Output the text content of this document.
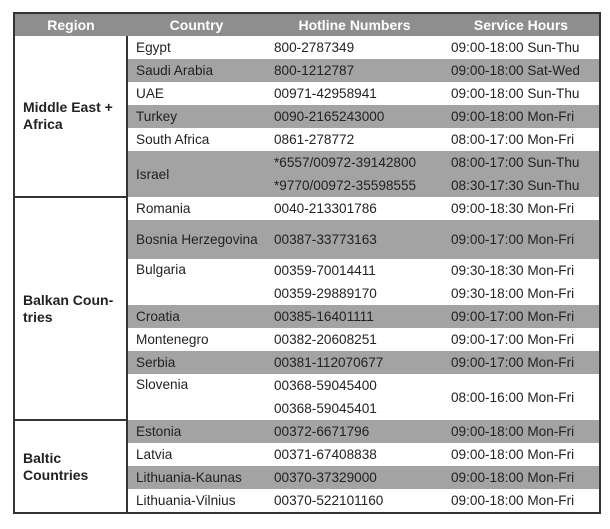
Region	Country	Hotline Numbers	Service Hours
Middle East + Africa	Egypt	800-2787349	09:00-18:00 Sun-Thu
	Saudi Arabia	800-1212787	09:00-18:00 Sat-Wed
	UAE	00971-42958941	09:00-18:00 Sun-Thu
	Turkey	0090-2165243000	09:00-18:00 Mon-Fri
	South Africa	0861-278772	08:00-17:00 Mon-Fri
	Israel	*6557/00972-39142800	08:00-17:00 Sun-Thu
		*9770/00972-35598555	08:30-17:30 Sun-Thu
Balkan Coun-tries	Romania	0040-213301786	09:00-18:30 Mon-Fri
	Bosnia Herzegovina	00387-33773163	09:00-17:00 Mon-Fri
	Bulgaria	00359-70014411	09:30-18:30 Mon-Fri
		00359-29889170	09:30-18:00 Mon-Fri
	Croatia	00385-16401111	09:00-17:00 Mon-Fri
	Montenegro	00382-20608251	09:00-17:00 Mon-Fri
	Serbia	00381-112070677	09:00-17:00 Mon-Fri
	Slovenia	00368-59045400	08:00-16:00 Mon-Fri
		00368-59045401	
Baltic Countries	Estonia	00372-6671796	09:00-18:00 Mon-Fri
	Latvia	00371-67408838	09:00-18:00 Mon-Fri
	Lithuania-Kaunas	00370-37329000	09:00-18:00 Mon-Fri
	Lithuania-Vilnius	00370-522101160	09:00-18:00 Mon-Fri
